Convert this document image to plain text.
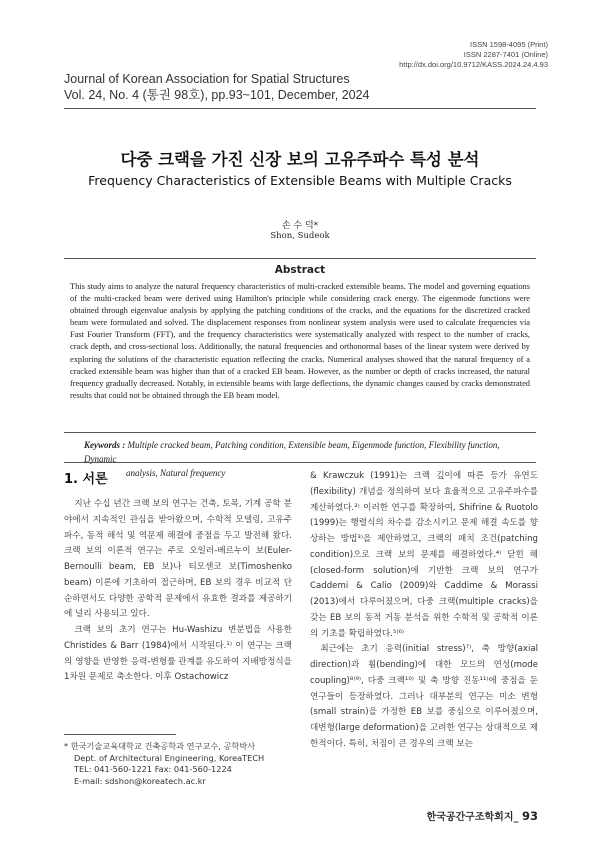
ISSN 1598-4095 (Print)
ISSN 2287-7401 (Online)
http://dx.doi.org/10.9712/KASS.2024.24.4.93
Journal of Korean Association for Spatial Structures
Vol. 24, No. 4 (통권 98호), pp.93~101, December, 2024
다중 크랙을 가진 신장 보의 고유주파수 특성 분석
Frequency Characteristics of Extensible Beams with Multiple Cracks
손 수 덕*
Shon, Sudeok
Abstract
This study aims to analyze the natural frequency characteristics of multi-cracked extensible beams. The model and governing equations of the multi-cracked beam were derived using Hamilton's principle while considering crack energy. The eigenmode functions were obtained through eigenvalue analysis by applying the patching conditions of the cracks, and the equations for the discretized cracked beam were formulated and solved. The displacement responses from nonlinear system analysis were used to calculate frequencies via Fast Fourier Transform (FFT), and the frequency characteristics were systematically analyzed with respect to the number of cracks, crack depth, and cross-sectional loss. Additionally, the natural frequencies and orthonormal bases of the linear system were derived by exploring the solutions of the characteristic equation reflecting the cracks. Numerical analyses showed that the natural frequency of a cracked extensible beam was higher than that of a cracked EB beam. However, as the number or depth of cracks increased, the natural frequency gradually decreased. Notably, in extensible beams with large deflections, the dynamic changes caused by cracks demonstrated results that could not be obtained through the EB beam model.
Keywords : Multiple cracked beam, Patching condition, Extensible beam, Eigenmode function, Flexibility function, Dynamic
analysis, Natural frequency
1. 서론

지난 수십 년간 크랙 보의 연구는 건축, 토목, 기계 공학 분야에서 지속적인 관심을 받아왔으며, 수학적 모델링, 고유주파수, 동적 해석 및 역문제 해결에 중점을 두고 발전해 왔다. 크랙 보의 이론적 연구는 주로 오일러-베르누이 보(Euler-Bernoulli beam, EB 보)나 티모센코 보(Timoshenko beam) 이론에 기초하여 접근하며, EB 보의 경우 비교적 단순하면서도 다양한 공학적 문제에서 유효한 결과를 제공하기에 널리 사용되고 있다.

크랙 보의 초기 연구는 Hu-Washizu 변분법을 사용한 Christides & Barr (1984)에서 시작된다.¹⁾ 이 연구는 크랙의 영향을 반영한 응력-변형률 관계를 유도하여 지배방정식을 1차원 문제로 축소한다. 이후 Ostachowicz

& Krawczuk (1991)는 크랙 깊이에 따른 등가 유연도(flexibility) 개념을 정의하여 보다 효율적으로 고유주파수를 계산하였다.²⁾ 이러한 연구를 확장하여, Shifrine & Ruotolo (1999)는 행렬식의 차수를 감소시키고 문제 해결 속도를 향상하는 방법³⁾을 제안하였고, 크랙의 패치 조건(patching condition)으로 크랙 보의 문제를 해결하였다.⁴⁾ 닫힌 해(closed-form solution)에 기반한 크랙 보의 연구가 Caddemi & Calio (2009)와 Caddime & Morassi (2013)에서 다루어졌으며, 다중 크랙(multiple cracks)을 갖는 EB 보의 동적 거동 분석을 위한 수학적 및 공학적 이론의 기초를 확립하였다.⁵⁾⁶⁾

최근에는 초기 응력(initial stress)⁷⁾, 축 방향(axial direction)과 휨(bending)에 대한 모드의 연성(mode coupling)⁸⁾⁹⁾, 다중 크랙¹⁰⁾ 및 축 방향 진동¹¹⁾에 중점을 둔 연구들이 등장하였다. 그러나 대부분의 연구는 미소 변형(small strain)을 가정한 EB 보를 중심으로 이루어졌으며, 대변형(large deformation)을 고려한 연구는 상대적으로 제한적이다. 특히, 처짐이 큰 경우의 크랙 보는

* 한국기술교육대학교 건축공학과 연구교수, 공학박사
Dept. of Architectural Engineering, KoreaTECH
TEL: 041-560-1221 Fax: 041-560-1224
E-mail: sdshon@koreatech.ac.kr
한국공간구조학회지_ 93
